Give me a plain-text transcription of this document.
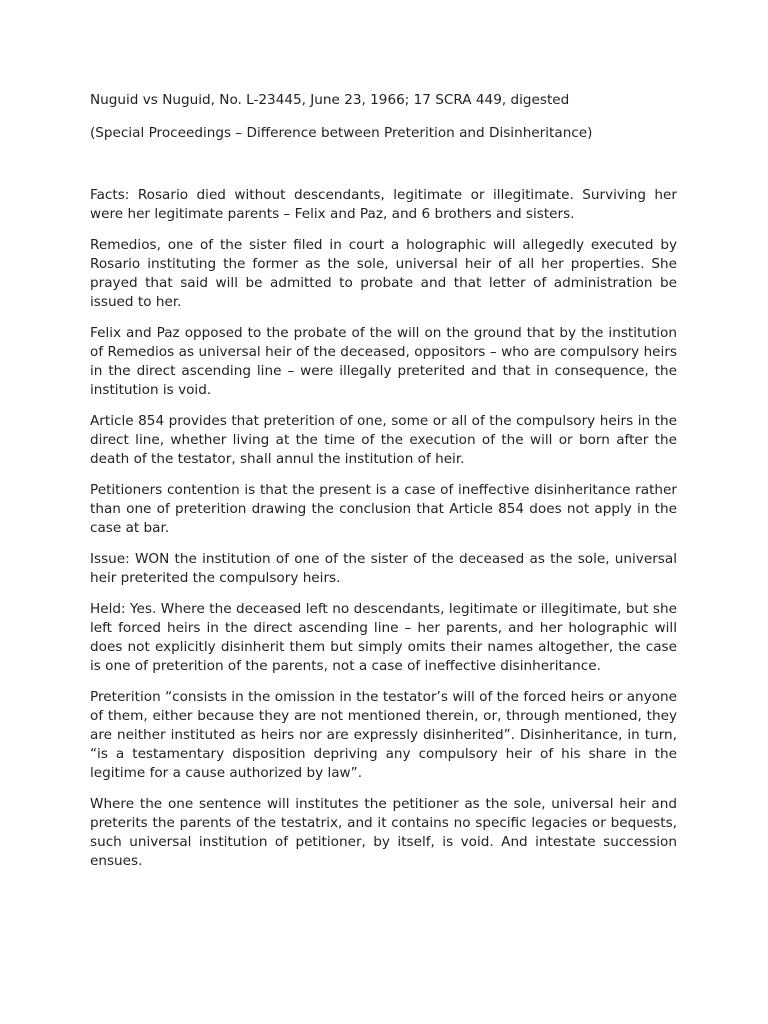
Nuguid vs Nuguid, No. L-23445, June 23, 1966; 17 SCRA 449, digested

(Special Proceedings – Difference between Preterition and Disinheritance)

Facts: Rosario died without descendants, legitimate or illegitimate. Surviving her were her legitimate parents – Felix and Paz, and 6 brothers and sisters.

Remedios, one of the sister filed in court a holographic will allegedly executed by Rosario instituting the former as the sole, universal heir of all her properties. She prayed that said will be admitted to probate and that letter of administration be issued to her.

Felix and Paz opposed to the probate of the will on the ground that by the institution of Remedios as universal heir of the deceased, oppositors – who are compulsory heirs in the direct ascending line – were illegally preterited and that in consequence, the institution is void.

Article 854 provides that preterition of one, some or all of the compulsory heirs in the direct line, whether living at the time of the execution of the will or born after the death of the testator, shall annul the institution of heir.

Petitioners contention is that the present is a case of ineffective disinheritance rather than one of preterition drawing the conclusion that Article 854 does not apply in the case at bar.

Issue: WON the institution of one of the sister of the deceased as the sole, universal heir preterited the compulsory heirs.

Held: Yes. Where the deceased left no descendants, legitimate or illegitimate, but she left forced heirs in the direct ascending line – her parents, and her holographic will does not explicitly disinherit them but simply omits their names altogether, the case is one of preterition of the parents, not a case of ineffective disinheritance.

Preterition “consists in the omission in the testator’s will of the forced heirs or anyone of them, either because they are not mentioned therein, or, through mentioned, they are neither instituted as heirs nor are expressly disinherited”. Disinheritance, in turn, “is a testamentary disposition depriving any compulsory heir of his share in the legitime for a cause authorized by law”.

Where the one sentence will institutes the petitioner as the sole, universal heir and preterits the parents of the testatrix, and it contains no specific legacies or bequests, such universal institution of petitioner, by itself, is void. And intestate succession ensues.
